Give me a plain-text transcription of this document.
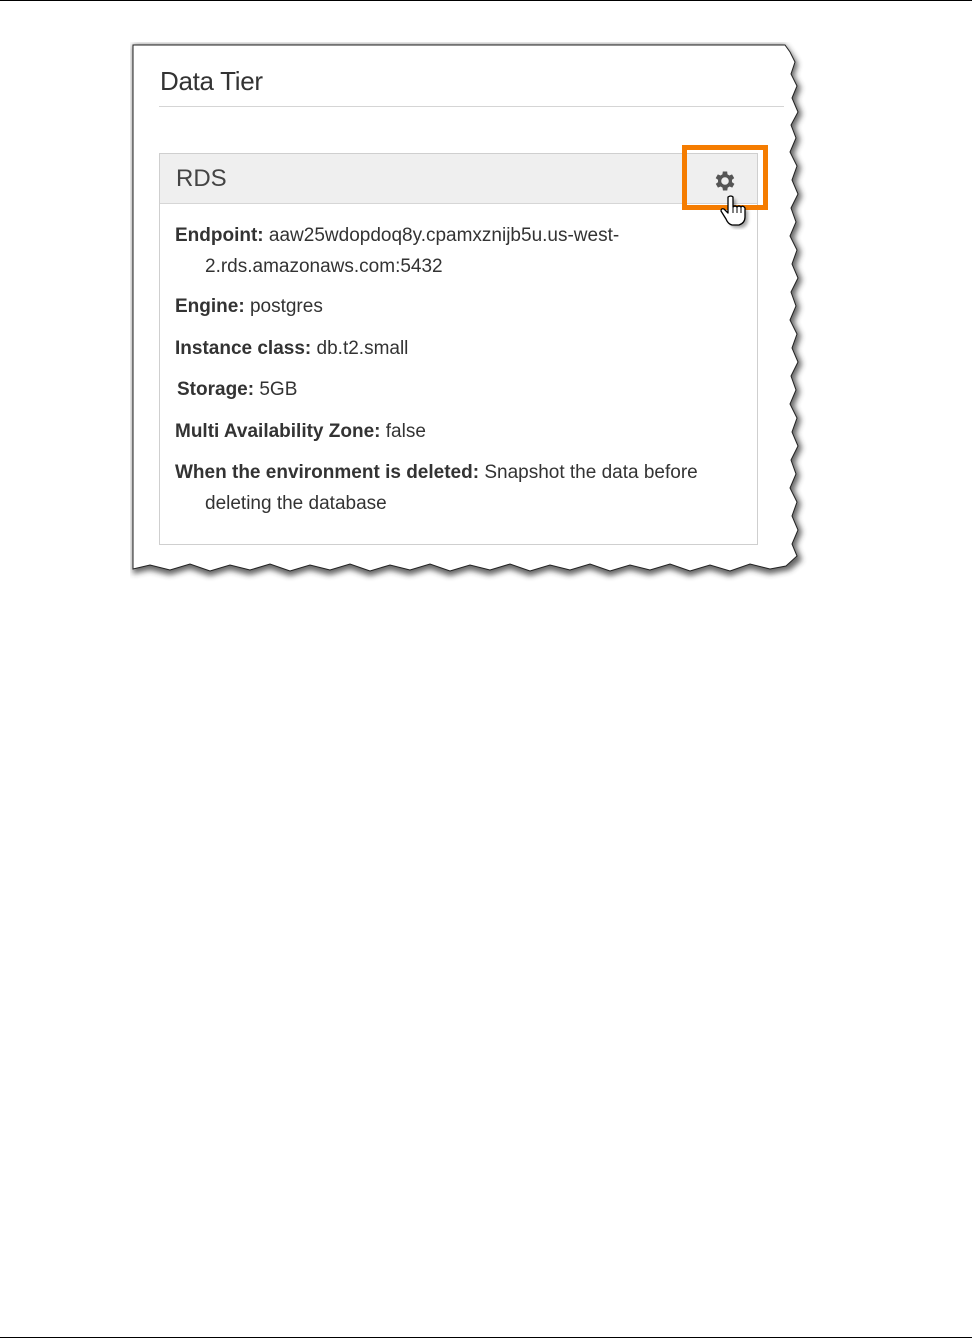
Data Tier
RDS

Endpoint: aaw25wdopdoq8y.cpamxznijb5u.us-west-2.rds.amazonaws.com:5432

Engine: postgres

Instance class: db.t2.small

Storage: 5GB

Multi Availability Zone: false

When the environment is deleted: Snapshot the data before deleting the database
